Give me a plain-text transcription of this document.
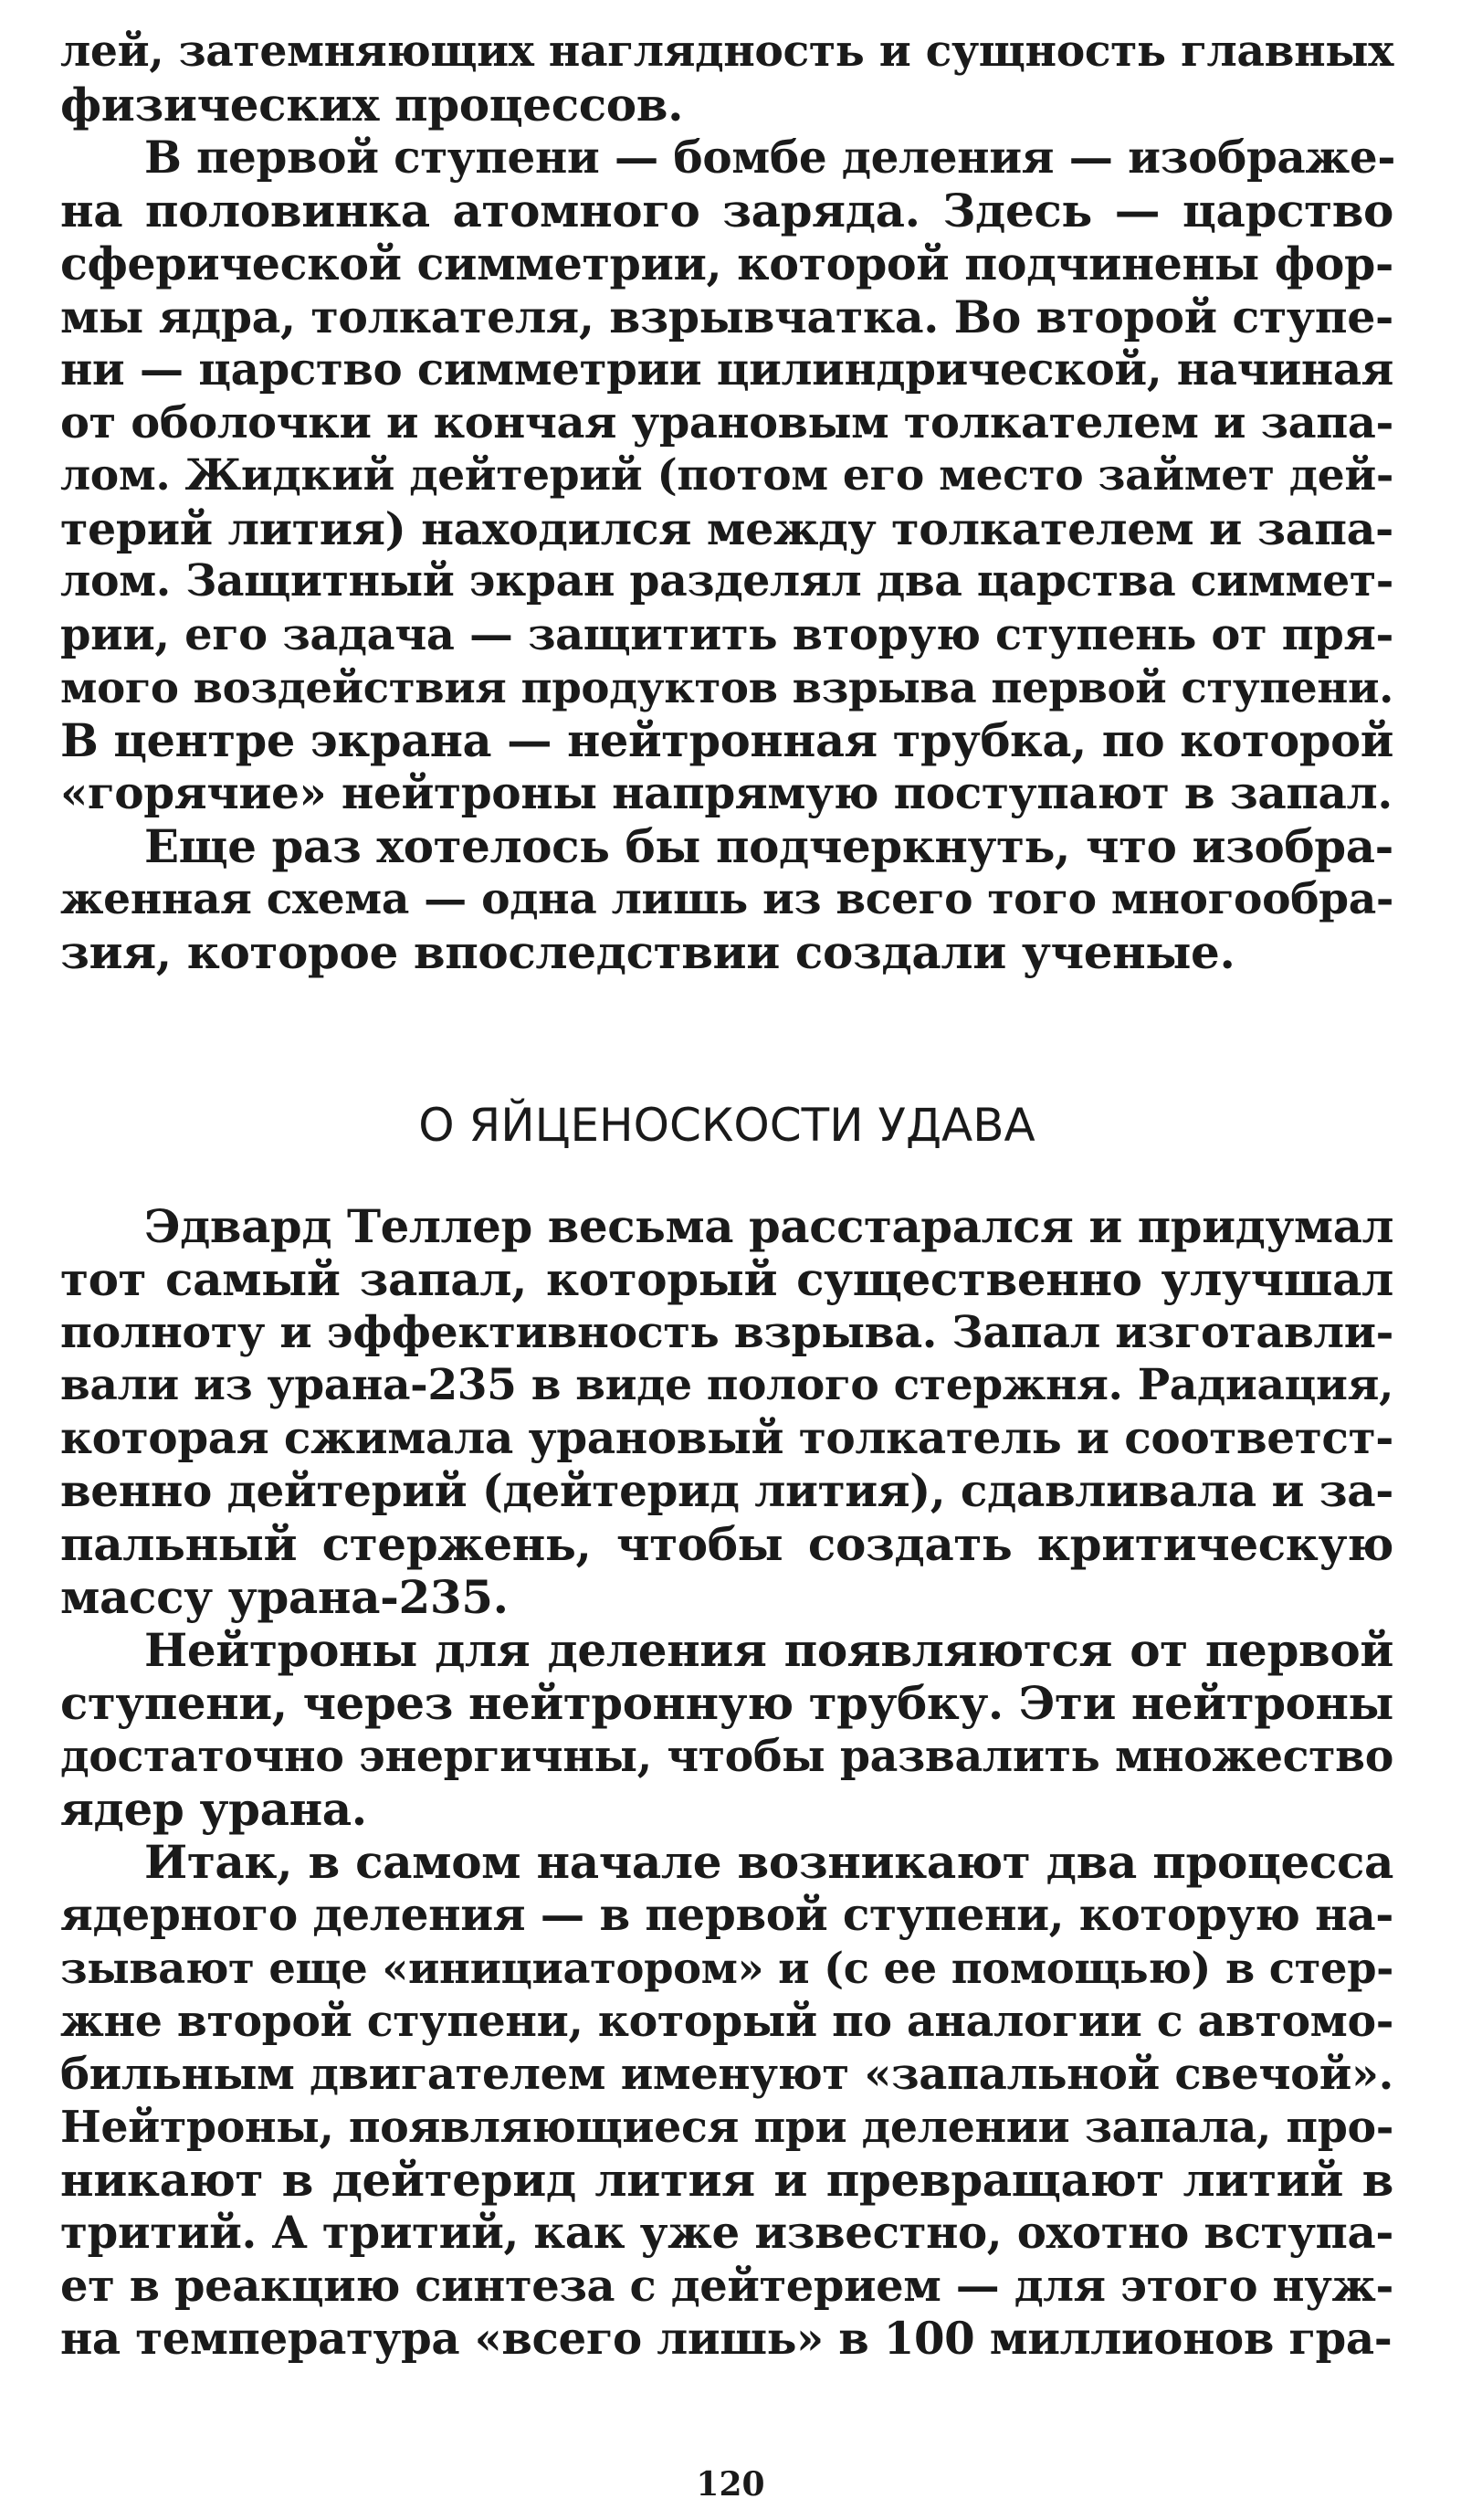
лей, затемняющих наглядность и сущность главных
физических процессов.
В первой ступени — бомбе деления — изображе-
на половинка атомного заряда. Здесь — царство
сферической симметрии, которой подчинены фор-
мы ядра, толкателя, взрывчатка. Во второй ступе-
ни — царство симметрии цилиндрической, начиная
от оболочки и кончая урановым толкателем и запа-
лом. Жидкий дейтерий (потом его место займет дей-
терий лития) находился между толкателем и запа-
лом. Защитный экран разделял два царства симмет-
рии, его задача — защитить вторую ступень от пря-
мого воздействия продуктов взрыва первой ступени.
В центре экрана — нейтронная трубка, по которой
«горячие» нейтроны напрямую поступают в запал.
Еще раз хотелось бы подчеркнуть, что изобра-
женная схема — одна лишь из всего того многообра-
зия, которое впоследствии создали ученые.
О ЯЙЦЕНОСКОСТИ УДАВА
Эдвард Теллер весьма расстарался и придумал
тот самый запал, который существенно улучшал
полноту и эффективность взрыва. Запал изготавли-
вали из урана-235 в виде полого стержня. Радиация,
которая сжимала урановый толкатель и соответст-
венно дейтерий (дейтерид лития), сдавливала и за-
пальный стержень, чтобы создать критическую
массу урана-235.
Нейтроны для деления появляются от первой
ступени, через нейтронную трубку. Эти нейтроны
достаточно энергичны, чтобы развалить множество
ядер урана.
Итак, в самом начале возникают два процесса
ядерного деления — в первой ступени, которую на-
зывают еще «инициатором» и (с ее помощью) в стер-
жне второй ступени, который по аналогии с автомо-
бильным двигателем именуют «запальной свечой».
Нейтроны, появляющиеся при делении запала, про-
никают в дейтерид лития и превращают литий в
тритий. А тритий, как уже известно, охотно вступа-
ет в реакцию синтеза с дейтерием — для этого нуж-
на температура «всего лишь» в 100 миллионов гра-
120
